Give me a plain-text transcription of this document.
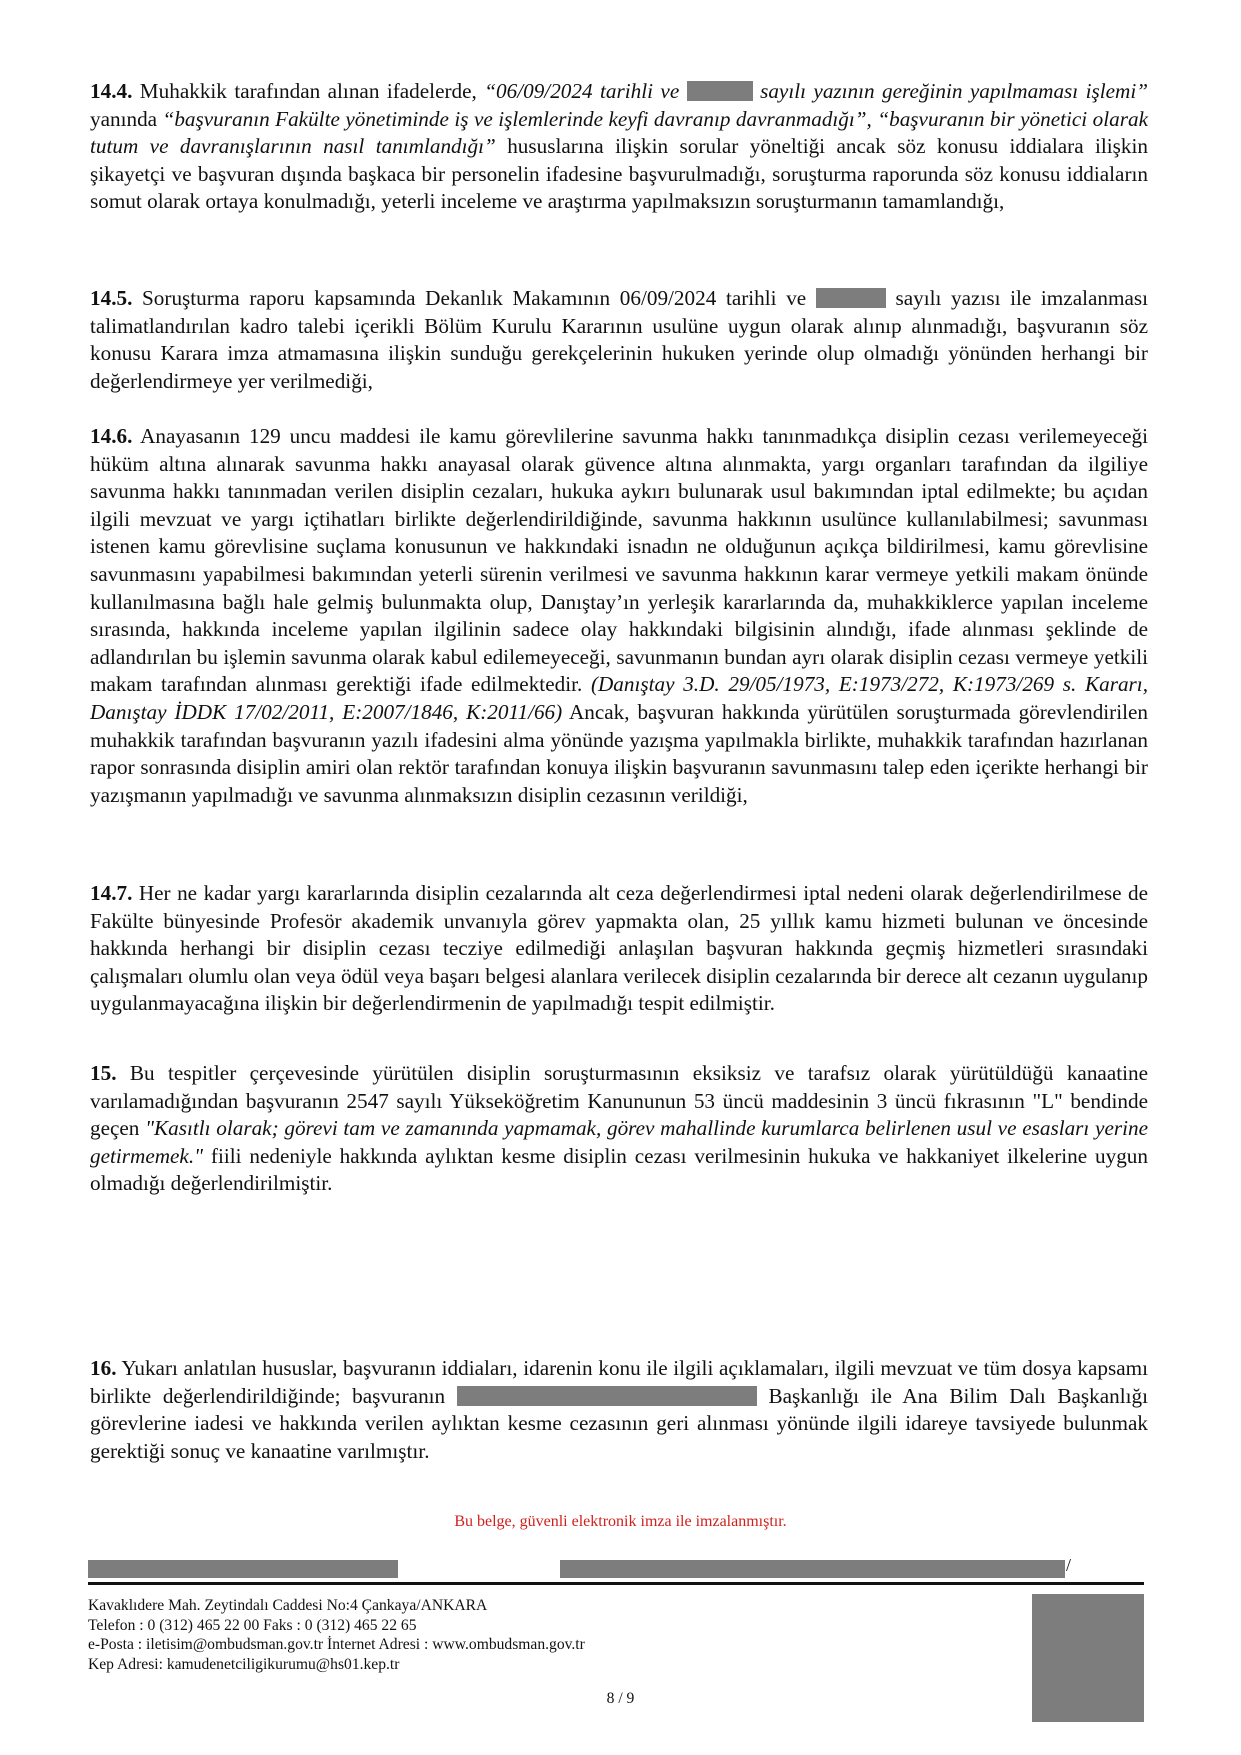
14.4. Muhakkik tarafından alınan ifadelerde, “06/09/2024 tarihli ve	sayılı yazının gereğinin yapılmaması işlemi” yanında “başvuranın Fakülte yönetiminde iş ve işlemlerinde keyfi davranıp davranmadığı”, “başvuranın bir yönetici olarak tutum ve davranışlarının nasıl tanımlandığı” hususlarına ilişkin sorular yöneltiği ancak söz konusu iddialara ilişkin şikayetçi ve başvuran dışında başkaca bir personelin ifadesine başvurulmadığı, soruşturma raporunda söz konusu iddiaların somut olarak ortaya konulmadığı, yeterli inceleme ve araştırma yapılmaksızın soruşturmanın tamamlandığı,

14.5. Soruşturma raporu kapsamında Dekanlık Makamının 06/09/2024 tarihli ve	sayılı yazısı ile imzalanması talimatlandırılan kadro talebi içerikli Bölüm Kurulu Kararının usulüne uygun olarak alınıp alınmadığı, başvuranın söz konusu Karara imza atmamasına ilişkin sunduğu gerekçelerinin hukuken yerinde olup olmadığı yönünden herhangi bir değerlendirmeye yer verilmediği,

14.6. Anayasanın 129 uncu maddesi ile kamu görevlilerine savunma hakkı tanınmadıkça disiplin cezası verilemeyeceği hüküm altına alınarak savunma hakkı anayasal olarak güvence altına alınmakta, yargı organları tarafından da ilgiliye savunma hakkı tanınmadan verilen disiplin cezaları, hukuka aykırı bulunarak usul bakımından iptal edilmekte; bu açıdan ilgili mevzuat ve yargı içtihatları birlikte değerlendirildiğinde, savunma hakkının usulünce kullanılabilmesi; savunması istenen kamu görevlisine suçlama konusunun ve hakkındaki isnadın ne olduğunun açıkça bildirilmesi, kamu görevlisine savunmasını yapabilmesi bakımından yeterli sürenin verilmesi ve savunma hakkının karar vermeye yetkili makam önünde kullanılmasına bağlı hale gelmiş bulunmakta olup, Danıştay’ın yerleşik kararlarında da, muhakkiklerce yapılan inceleme sırasında, hakkında inceleme yapılan ilgilinin sadece olay hakkındaki bilgisinin alındığı, ifade alınması şeklinde de adlandırılan bu işlemin savunma olarak kabul edilemeyeceği, savunmanın bundan ayrı olarak disiplin cezası vermeye yetkili makam tarafından alınması gerektiği ifade edilmektedir. (Danıştay 3.D. 29/05/1973, E:1973/272, K:1973/269 s. Kararı, Danıştay İDDK 17/02/2011, E:2007/1846, K:2011/66) Ancak, başvuran hakkında yürütülen soruşturmada görevlendirilen muhakkik tarafından başvuranın yazılı ifadesini alma yönünde yazışma yapılmakla birlikte, muhakkik tarafından hazırlanan rapor sonrasında disiplin amiri olan rektör tarafından konuya ilişkin başvuranın savunmasını talep eden içerikte herhangi bir yazışmanın yapılmadığı ve savunma alınmaksızın disiplin cezasının verildiği,

14.7. Her ne kadar yargı kararlarında disiplin cezalarında alt ceza değerlendirmesi iptal nedeni olarak değerlendirilmese de Fakülte bünyesinde Profesör akademik unvanıyla görev yapmakta olan, 25 yıllık kamu hizmeti bulunan ve öncesinde hakkında herhangi bir disiplin cezası tecziye edilmediği anlaşılan başvuran hakkında geçmiş hizmetleri sırasındaki çalışmaları olumlu olan veya ödül veya başarı belgesi alanlara verilecek disiplin cezalarında bir derece alt cezanın uygulanıp uygulanmayacağına ilişkin bir değerlendirmenin de yapılmadığı tespit edilmiştir.

15. Bu tespitler çerçevesinde yürütülen disiplin soruşturmasının eksiksiz ve tarafsız olarak yürütüldüğü kanaatine varılamadığından başvuranın 2547 sayılı Yükseköğretim Kanununun 53 üncü maddesinin 3 üncü fıkrasının "L" bendinde geçen "Kasıtlı olarak; görevi tam ve zamanında yapmamak, görev mahallinde kurumlarca belirlenen usul ve esasları yerine getirmemek." fiili nedeniyle hakkında aylıktan kesme disiplin cezası verilmesinin hukuka ve hakkaniyet ilkelerine uygun olmadığı değerlendirilmiştir.

16. Yukarı anlatılan hususlar, başvuranın iddiaları, idarenin konu ile ilgili açıklamaları, ilgili mevzuat ve tüm dosya kapsamı birlikte değerlendirildiğinde; başvuranın	Başkanlığı ile Ana Bilim Dalı Başkanlığı görevlerine iadesi ve hakkında verilen aylıktan kesme cezasının geri alınması yönünde ilgili idareye tavsiyede bulunmak gerektiği sonuç ve kanaatine varılmıştır.

Bu belge, güvenli elektronik imza ile imzalanmıştır.
/
Kavaklıdere Mah. Zeytindalı Caddesi No:4 Çankaya/ANKARA
Telefon : 0 (312) 465 22 00 Faks : 0 (312) 465 22 65
e-Posta : iletisim@ombudsman.gov.tr İnternet Adresi : www.ombudsman.gov.tr
Kep Adresi: kamudenetciligikurumu@hs01.kep.tr
8 / 9
